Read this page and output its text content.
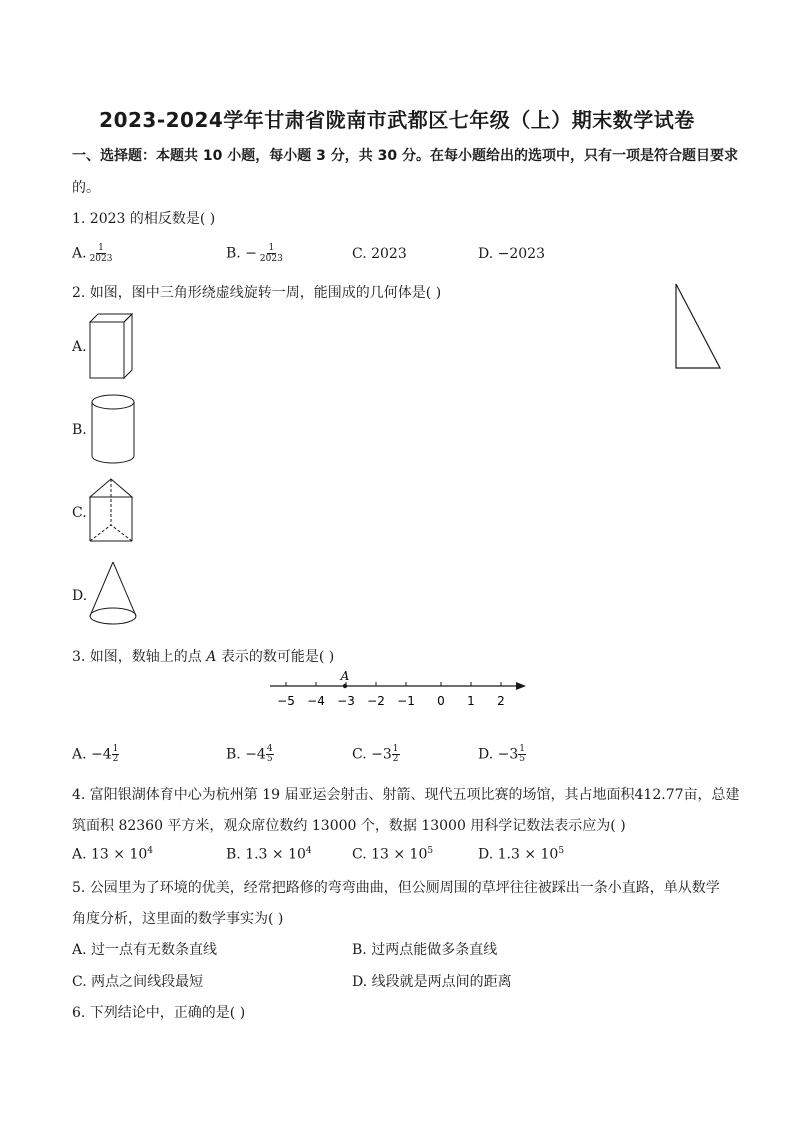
2023-2024学年甘肃省陇南市武都区七年级（上）期末数学试卷
一、选择题：本题共 10 小题，每小题 3 分，共 30 分。在每小题给出的选项中，只有一项是符合题目要求
的。
1. 2023 的相反数是( )
A. $\frac{1}{2023}$	B. − $\frac{1}{2023}$	C. 2023	D. −2023
2. 如图，图中三角形绕虚线旋转一周，能围成的几何体是( )
A.
B.
C.
D.
3. 如图，数轴上的点 A 表示的数可能是( )
A
−5 −4 −3 −2 −1 0 1 2
A. $-4 \frac{1}{2}$	B. $-4 \frac{4}{5}$	C. $-3 \frac{1}{2}$	D. $-3 \frac{1}{5}$
4. 富阳银湖体育中心为杭州第 19 届亚运会射击、射箭、现代五项比赛的场馆，其占地面积412.77亩，总建
筑面积 82360 平方米，观众席位数约 13000 个，数据 13000 用科学记数法表示应为( )
A. $13 \times 10^4$	B. $1.3 \times 10^4$	C. $13 \times 10^5$	D. $1.3 \times 10^5$
5. 公园里为了环境的优美，经常把路修的弯弯曲曲，但公厕周围的草坪往往被踩出一条小直路，单从数学
角度分析，这里面的数学事实为( )
A. 过一点有无数条直线	B. 过两点能做多条直线
C. 两点之间线段最短	D. 线段就是两点间的距离
6. 下列结论中，正确的是( )
